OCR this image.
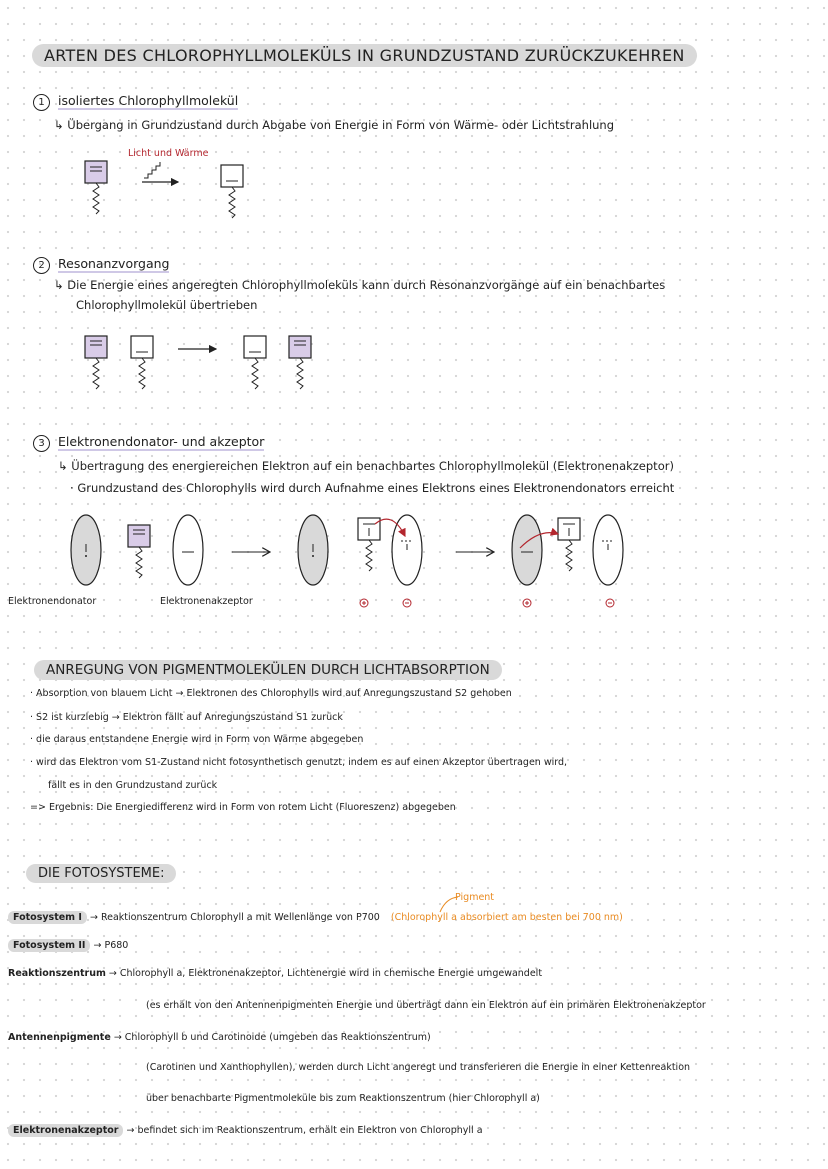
ARTEN DES CHLOROPHYLLMOLEKÜLS IN GRUNDZUSTAND ZURÜCKZUKEHREN
1 isoliertes Chlorophyllmolekül
↳ Übergang in Grundzustand durch Abgabe von Energie in Form von Wärme- oder Lichtstrahlung
Licht und Wärme
2 Resonanzvorgang
↳ Die Energie eines angeregten Chlorophyllmoleküls kann durch Resonanzvorgänge auf ein benachbartes
Chlorophyllmolekül übertrieben
3 Elektronendonator- und akzeptor
↳ Übertragung des energiereichen Elektron auf ein benachbartes Chlorophyllmolekül (Elektronenakzeptor)
· Grundzustand des Chlorophylls wird durch Aufnahme eines Elektrons eines Elektronendonators erreicht
Elektronendonator	Elektronenakzeptor
ANREGUNG VON PIGMENTMOLEKÜLEN DURCH LICHTABSORPTION
· Absorption von blauem Licht → Elektronen des Chlorophylls wird auf Anregungszustand S2 gehoben
· S2 ist kurzlebig → Elektron fällt auf Anregungszustand S1 zurück
· die daraus entstandene Energie wird in Form von Wärme abgegeben
· wird das Elektron vom S1-Zustand nicht fotosynthetisch genutzt, indem es auf einen Akzeptor übertragen wird,
fällt es in den Grundzustand zurück
=> Ergebnis: Die Energiedifferenz wird in Form von rotem Licht (Fluoreszenz) abgegeben
DIE FOTOSYSTEME:
Pigment
Fotosystem I → Reaktionszentrum Chlorophyll a mit Wellenlänge von P700 (Chlorophyll a absorbiert am besten bei 700 nm)
Fotosystem II → P680
Reaktionszentrum → Chlorophyll a, Elektronenakzeptor, Lichtenergie wird in chemische Energie umgewandelt
(es erhält von den Antennenpigmenten Energie und überträgt dann ein Elektron auf ein primären Elektronenakzeptor
Antennenpigmente → Chlorophyll b und Carotinoide (umgeben das Reaktionszentrum)
(Carotinen und Xanthophyllen), werden durch Licht angeregt und transferieren die Energie in einer Kettenreaktion
über benachbarte Pigmentmoleküle bis zum Reaktionszentrum (hier Chlorophyll a)
Elektronenakzeptor → befindet sich im Reaktionszentrum, erhält ein Elektron von Chlorophyll a
